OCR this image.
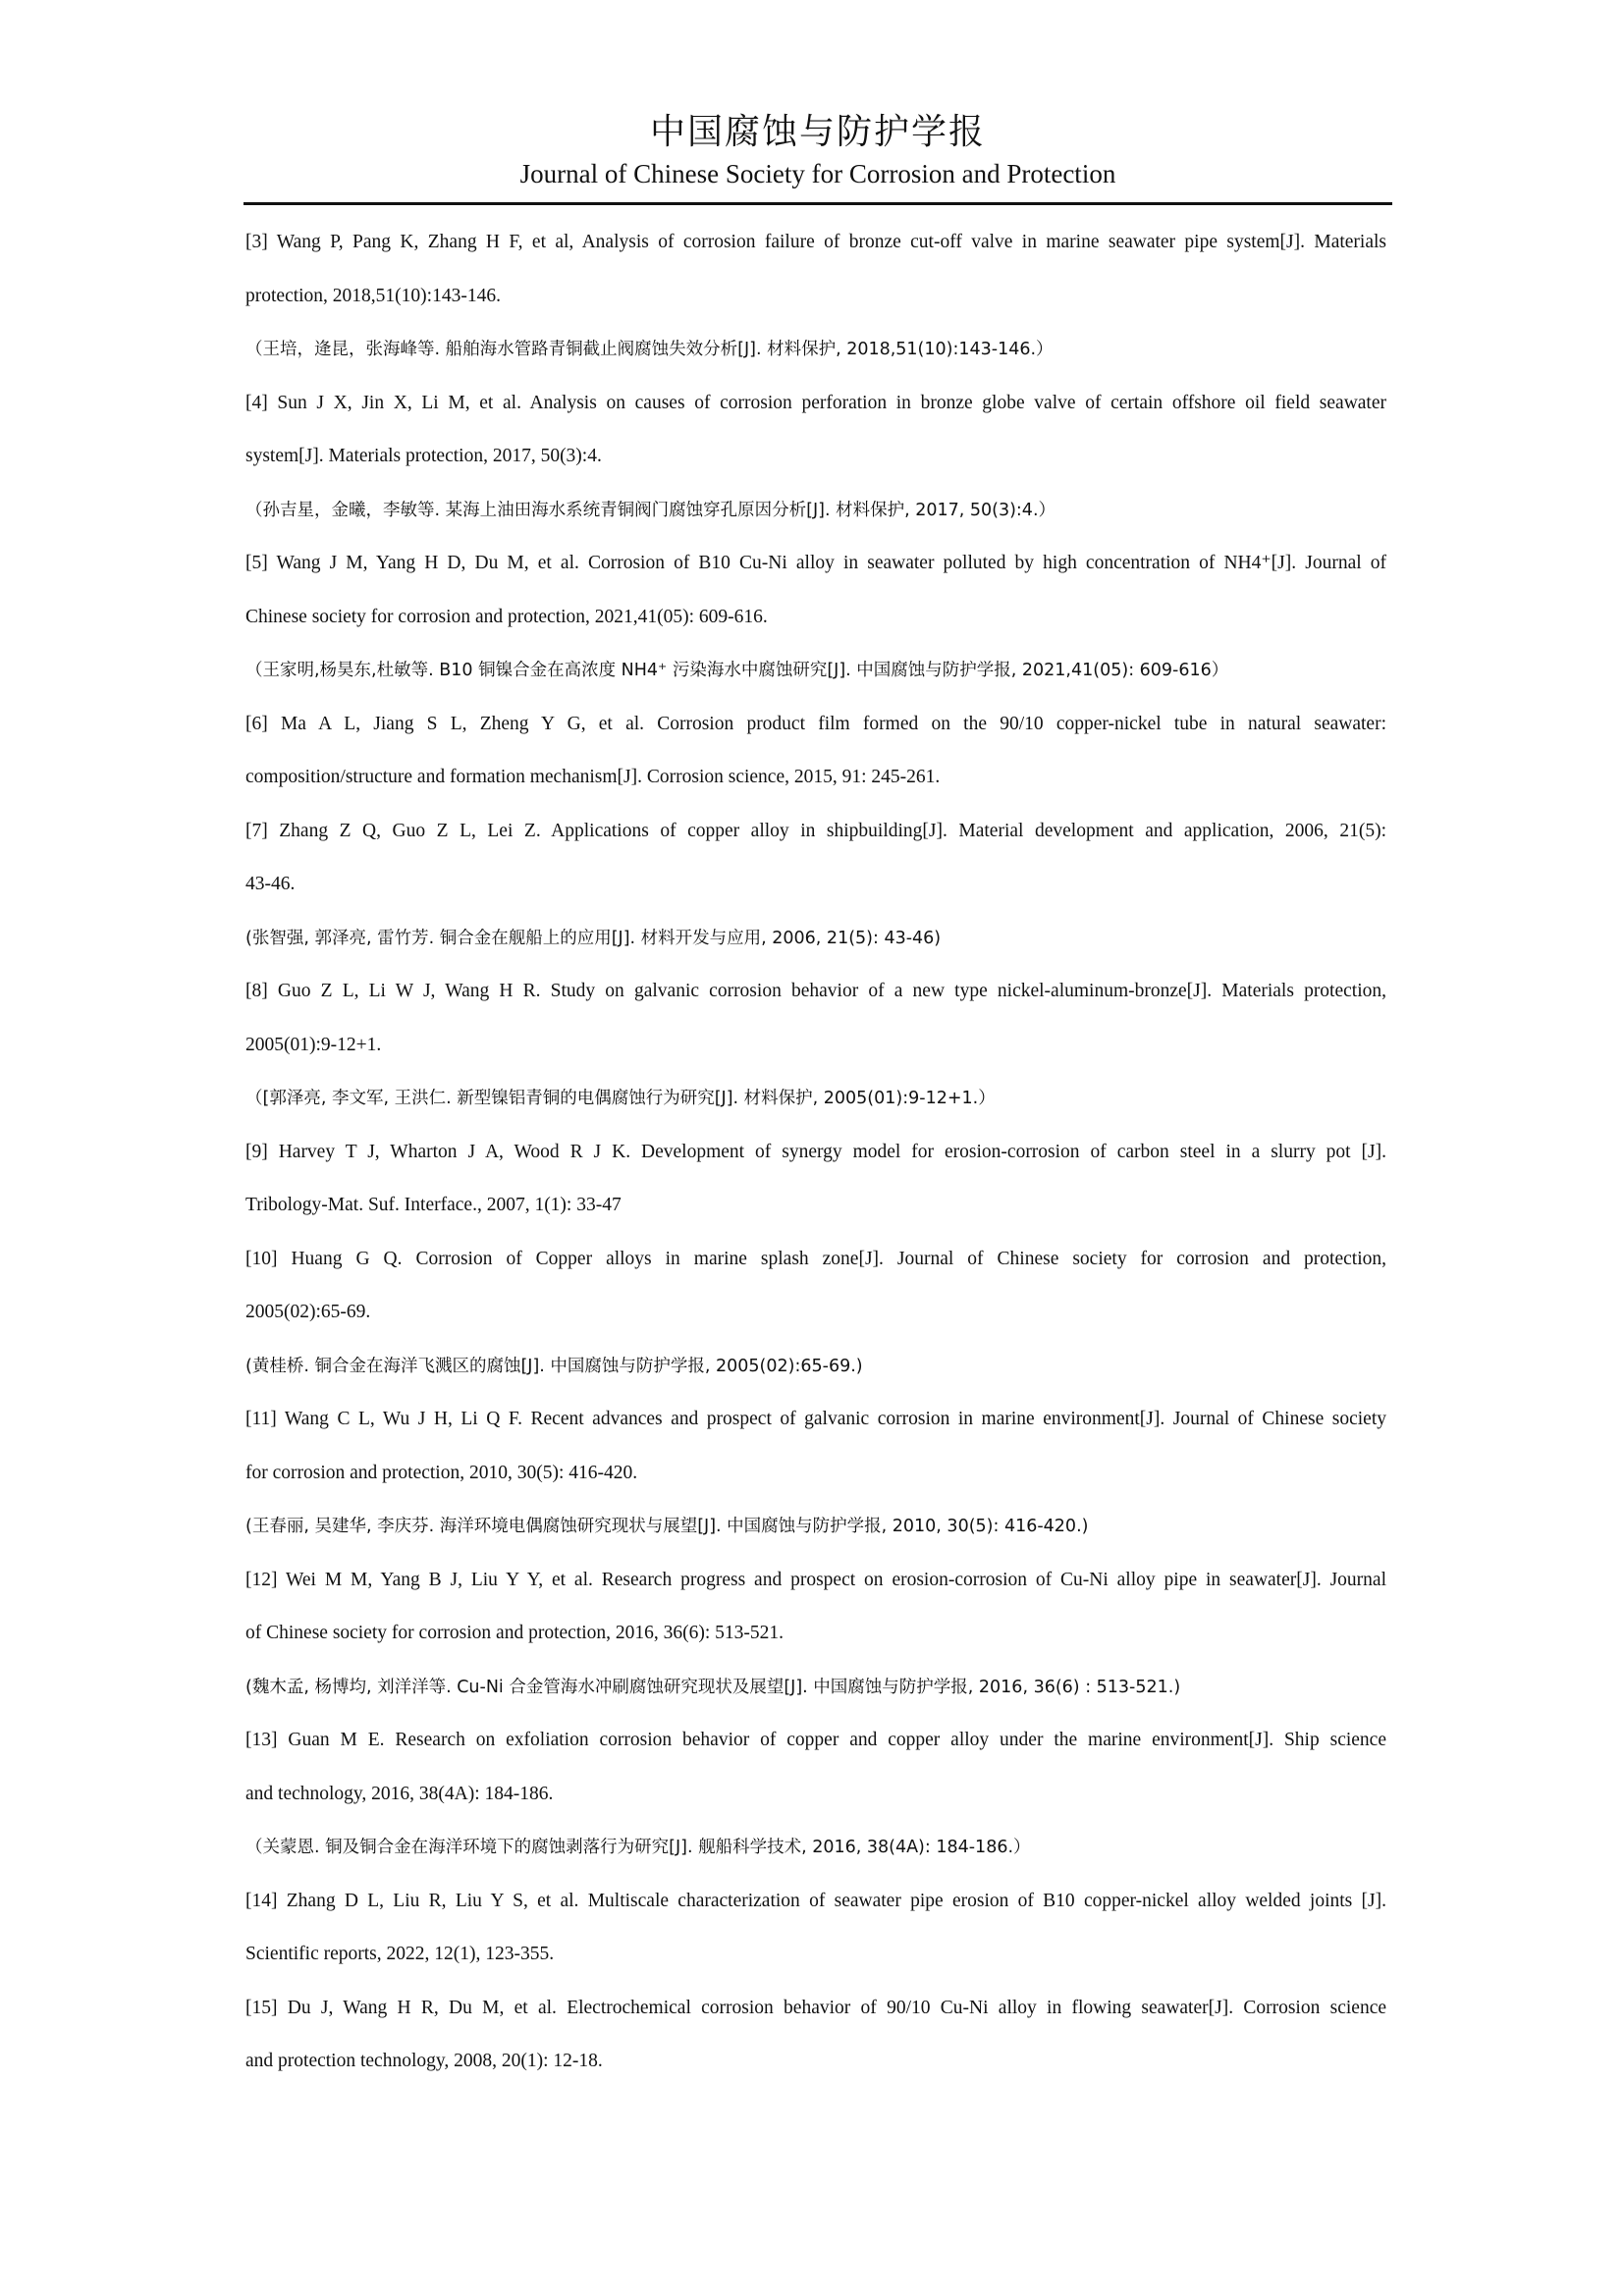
中国腐蚀与防护学报
Journal of Chinese Society for Corrosion and Protection
[3] Wang P, Pang K, Zhang H F, et al, Analysis of corrosion failure of bronze cut-off valve in marine seawater pipe system[J]. Materials
protection, 2018,51(10):143-146.
（王培，逄昆，张海峰等. 船舶海水管路青铜截止阀腐蚀失效分析[J]. 材料保护, 2018,51(10):143-146.）
[4] Sun J X, Jin X, Li M, et al. Analysis on causes of corrosion perforation in bronze globe valve of certain offshore oil field seawater
system[J]. Materials protection, 2017, 50(3):4.
（孙吉星，金曦，李敏等. 某海上油田海水系统青铜阀门腐蚀穿孔原因分析[J]. 材料保护, 2017, 50(3):4.）
[5] Wang J M, Yang H D, Du M, et al. Corrosion of B10 Cu-Ni alloy in seawater polluted by high concentration of NH4⁺[J]. Journal of
Chinese society for corrosion and protection, 2021,41(05): 609-616.
（王家明,杨昊东,杜敏等. B10 铜镍合金在高浓度 NH4⁺ 污染海水中腐蚀研究[J]. 中国腐蚀与防护学报, 2021,41(05): 609-616）
[6] Ma A L, Jiang S L, Zheng Y G, et al. Corrosion product film formed on the 90/10 copper-nickel tube in natural seawater:
composition/structure and formation mechanism[J]. Corrosion science, 2015, 91: 245-261.
[7] Zhang Z Q, Guo Z L, Lei Z. Applications of copper alloy in shipbuilding[J]. Material development and application, 2006, 21(5):
43-46.
(张智强, 郭泽亮, 雷竹芳. 铜合金在舰船上的应用[J]. 材料开发与应用, 2006, 21(5): 43-46)
[8] Guo Z L, Li W J, Wang H R. Study on galvanic corrosion behavior of a new type nickel-aluminum-bronze[J]. Materials protection,
2005(01):9-12+1.
（[郭泽亮, 李文军, 王洪仁. 新型镍铝青铜的电偶腐蚀行为研究[J]. 材料保护, 2005(01):9-12+1.）
[9] Harvey T J, Wharton J A, Wood R J K. Development of synergy model for erosion-corrosion of carbon steel in a slurry pot [J].
Tribology-Mat. Suf. Interface., 2007, 1(1): 33-47
[10] Huang G Q. Corrosion of Copper alloys in marine splash zone[J]. Journal of Chinese society for corrosion and protection,
2005(02):65-69.
(黄桂桥. 铜合金在海洋飞溅区的腐蚀[J]. 中国腐蚀与防护学报, 2005(02):65-69.)
[11] Wang C L, Wu J H, Li Q F. Recent advances and prospect of galvanic corrosion in marine environment[J]. Journal of Chinese society
for corrosion and protection, 2010, 30(5): 416-420.
(王春丽, 吴建华, 李庆芬. 海洋环境电偶腐蚀研究现状与展望[J]. 中国腐蚀与防护学报, 2010, 30(5): 416-420.)
[12] Wei M M, Yang B J, Liu Y Y, et al. Research progress and prospect on erosion-corrosion of Cu-Ni alloy pipe in seawater[J]. Journal
of Chinese society for corrosion and protection, 2016, 36(6): 513-521.
(魏木孟, 杨博均, 刘洋洋等. Cu-Ni 合金管海水冲刷腐蚀研究现状及展望[J]. 中国腐蚀与防护学报, 2016, 36(6) : 513-521.)
[13] Guan M E. Research on exfoliation corrosion behavior of copper and copper alloy under the marine environment[J]. Ship science
and technology, 2016, 38(4A): 184-186.
（关蒙恩. 铜及铜合金在海洋环境下的腐蚀剥落行为研究[J]. 舰船科学技术, 2016, 38(4A): 184-186.）
[14] Zhang D L, Liu R, Liu Y S, et al. Multiscale characterization of seawater pipe erosion of B10 copper-nickel alloy welded joints [J].
Scientific reports, 2022, 12(1), 123-355.
[15] Du J, Wang H R, Du M, et al. Electrochemical corrosion behavior of 90/10 Cu-Ni alloy in flowing seawater[J]. Corrosion science
and protection technology, 2008, 20(1): 12-18.
